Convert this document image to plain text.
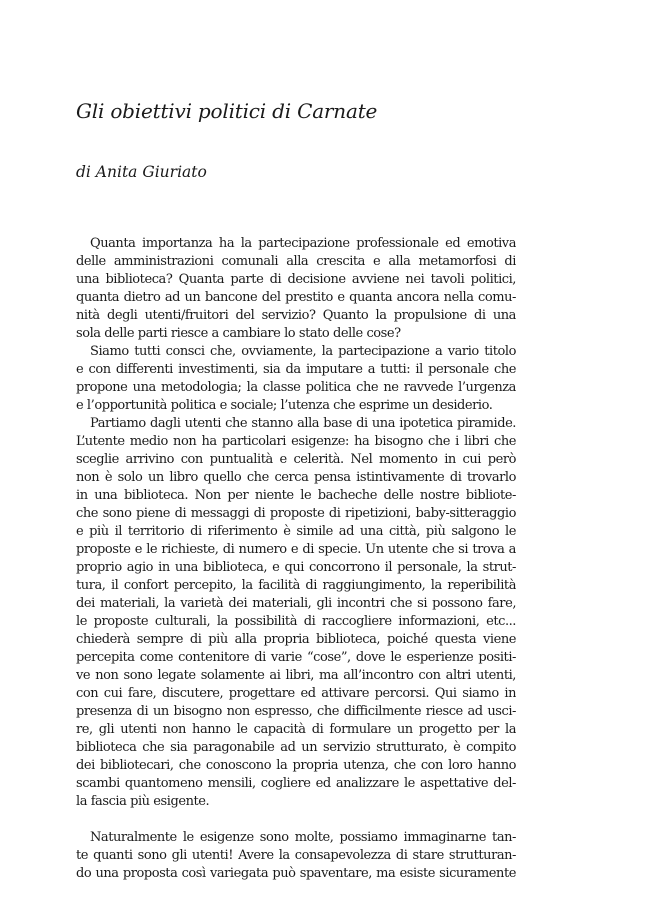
Gli obiettivi politici di Carnate
di Anita Giuriato
Quanta importanza ha la partecipazione professionale ed emotiva
delle amministrazioni comunali alla crescita e alla metamorfosi di
una biblioteca? Quanta parte di decisione avviene nei tavoli politici,
quanta dietro ad un bancone del prestito e quanta ancora nella comu-
nità degli utenti/fruitori del servizio? Quanto la propulsione di una
sola delle parti riesce a cambiare lo stato delle cose?
Siamo tutti consci che, ovviamente, la partecipazione a vario titolo
e con differenti investimenti, sia da imputare a tutti: il personale che
propone una metodologia; la classe politica che ne ravvede l’urgenza
e l’opportunità politica e sociale; l’utenza che esprime un desiderio.
Partiamo dagli utenti che stanno alla base di una ipotetica piramide.
L’utente medio non ha particolari esigenze: ha bisogno che i libri che
sceglie arrivino con puntualità e celerità. Nel momento in cui però
non è solo un libro quello che cerca pensa istintivamente di trovarlo
in una biblioteca. Non per niente le bacheche delle nostre bibliote-
che sono piene di messaggi di proposte di ripetizioni, baby-sitteraggio
e più il territorio di riferimento è simile ad una città, più salgono le
proposte e le richieste, di numero e di specie. Un utente che si trova a
proprio agio in una biblioteca, e qui concorrono il personale, la strut-
tura, il confort percepito, la facilità di raggiungimento, la reperibilità
dei materiali, la varietà dei materiali, gli incontri che si possono fare,
le proposte culturali, la possibilità di raccogliere informazioni, etc...
chiederà sempre di più alla propria biblioteca, poiché questa viene
percepita come contenitore di varie “cose”, dove le esperienze positi-
ve non sono legate solamente ai libri, ma all’incontro con altri utenti,
con cui fare, discutere, progettare ed attivare percorsi. Qui siamo in
presenza di un bisogno non espresso, che difficilmente riesce ad usci-
re, gli utenti non hanno le capacità di formulare un progetto per la
biblioteca che sia paragonabile ad un servizio strutturato, è compito
dei bibliotecari, che conoscono la propria utenza, che con loro hanno
scambi quantomeno mensili, cogliere ed analizzare le aspettative del-
la fascia più esigente.
Naturalmente le esigenze sono molte, possiamo immaginarne tan-
te quanti sono gli utenti! Avere la consapevolezza di stare strutturan-
do una proposta così variegata può spaventare, ma esiste sicuramente
